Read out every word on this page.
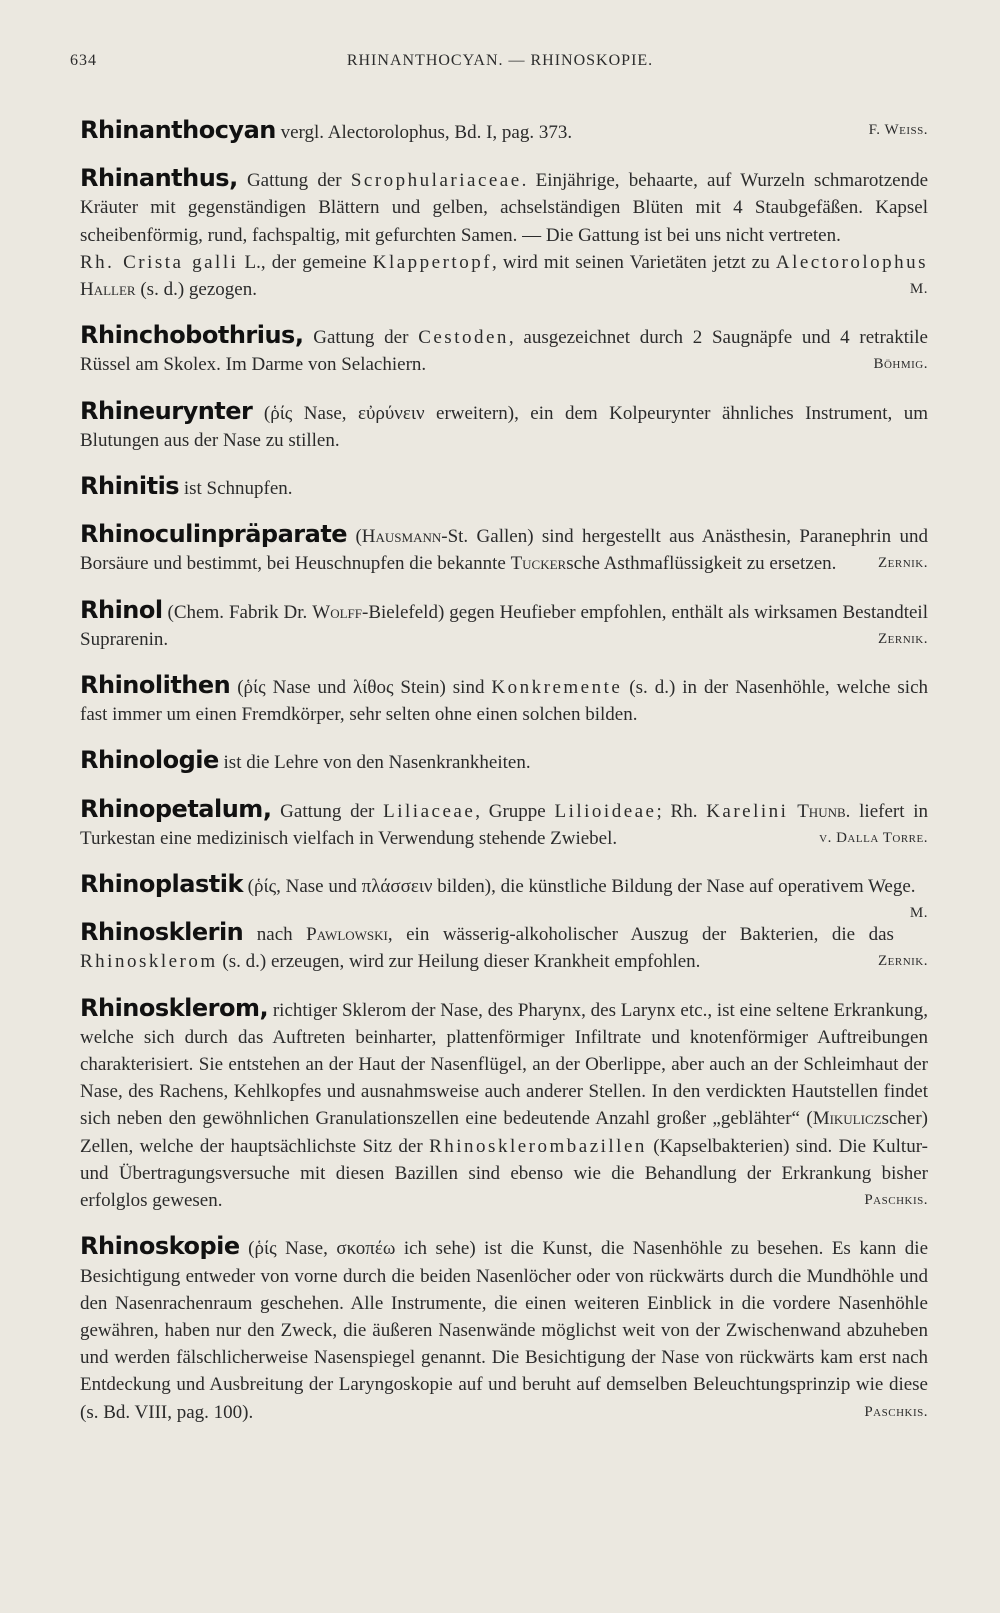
634	RHINANTHOCYAN. — RHINOSKOPIE.

Rhinanthocyan vergl. Alectorolophus, Bd. I, pag. 373.	F. Weiss.

Rhinanthus, Gattung der Scrophulariaceae. Einjährige, behaarte, auf Wurzeln schmarotzende Kräuter mit gegenständigen Blättern und gelben, achselständigen Blüten mit 4 Staubgefäßen. Kapsel scheibenförmig, rund, fachspaltig, mit gefurchten Samen. — Die Gattung ist bei uns nicht vertreten.
Rh. Crista galli L., der gemeine Klappertopf, wird mit seinen Varietäten jetzt zu Alectorolophus Haller (s. d.) gezogen.	M.

Rhinchobothrius, Gattung der Cestoden, ausgezeichnet durch 2 Saugnäpfe und 4 retraktile Rüssel am Skolex. Im Darme von Selachiern.	Böhmig.

Rhineurynter (ῥίς Nase, εὐρύνειν erweitern), ein dem Kolpeurynter ähnliches Instrument, um Blutungen aus der Nase zu stillen.

Rhinitis ist Schnupfen.

Rhinoculinpräparate (Hausmann-St. Gallen) sind hergestellt aus Anästhesin, Paranephrin und Borsäure und bestimmt, bei Heuschnupfen die bekannte Tuckersche Asthmaflüssigkeit zu ersetzen.	Zernik.

Rhinol (Chem. Fabrik Dr. Wolff-Bielefeld) gegen Heufieber empfohlen, enthält als wirksamen Bestandteil Suprarenin.	Zernik.

Rhinolithen (ῥίς Nase und λίθος Stein) sind Konkremente (s. d.) in der Nasenhöhle, welche sich fast immer um einen Fremdkörper, sehr selten ohne einen solchen bilden.

Rhinologie ist die Lehre von den Nasenkrankheiten.

Rhinopetalum, Gattung der Liliaceae, Gruppe Lilioideae; Rh. Karelini Thunb. liefert in Turkestan eine medizinisch vielfach in Verwendung stehende Zwiebel.	v. Dalla Torre.

Rhinoplastik (ῥίς, Nase und πλάσσειν bilden), die künstliche Bildung der Nase auf operativem Wege.
M.

Rhinosklerin nach Pawlowski, ein wässerig-alkoholischer Auszug der Bakterien, die das Rhinosklerom (s. d.) erzeugen, wird zur Heilung dieser Krankheit empfohlen.	Zernik.

Rhinosklerom, richtiger Sklerom der Nase, des Pharynx, des Larynx etc., ist eine seltene Erkrankung, welche sich durch das Auftreten beinharter, plattenförmiger Infiltrate und knotenförmiger Auftreibungen charakterisiert. Sie entstehen an der Haut der Nasenflügel, an der Oberlippe, aber auch an der Schleimhaut der Nase, des Rachens, Kehlkopfes und ausnahmsweise auch anderer Stellen. In den verdickten Hautstellen findet sich neben den gewöhnlichen Granulationszellen eine bedeutende Anzahl großer „geblähter“ (Mikuliczscher) Zellen, welche der hauptsächlichste Sitz der Rhinosklerombazillen (Kapselbakterien) sind. Die Kultur- und Übertragungsversuche mit diesen Bazillen sind ebenso wie die Behandlung der Erkrankung bisher erfolglos gewesen.	Paschkis.

Rhinoskopie (ῥίς Nase, σκοπέω ich sehe) ist die Kunst, die Nasenhöhle zu besehen. Es kann die Besichtigung entweder von vorne durch die beiden Nasenlöcher oder von rückwärts durch die Mundhöhle und den Nasenrachenraum geschehen. Alle Instrumente, die einen weiteren Einblick in die vordere Nasenhöhle gewähren, haben nur den Zweck, die äußeren Nasenwände möglichst weit von der Zwischenwand abzuheben und werden fälschlicherweise Nasenspiegel genannt. Die Besichtigung der Nase von rückwärts kam erst nach Entdeckung und Ausbreitung der Laryngoskopie auf und beruht auf demselben Beleuchtungsprinzip wie diese (s. Bd. VIII, pag. 100).	Paschkis.
